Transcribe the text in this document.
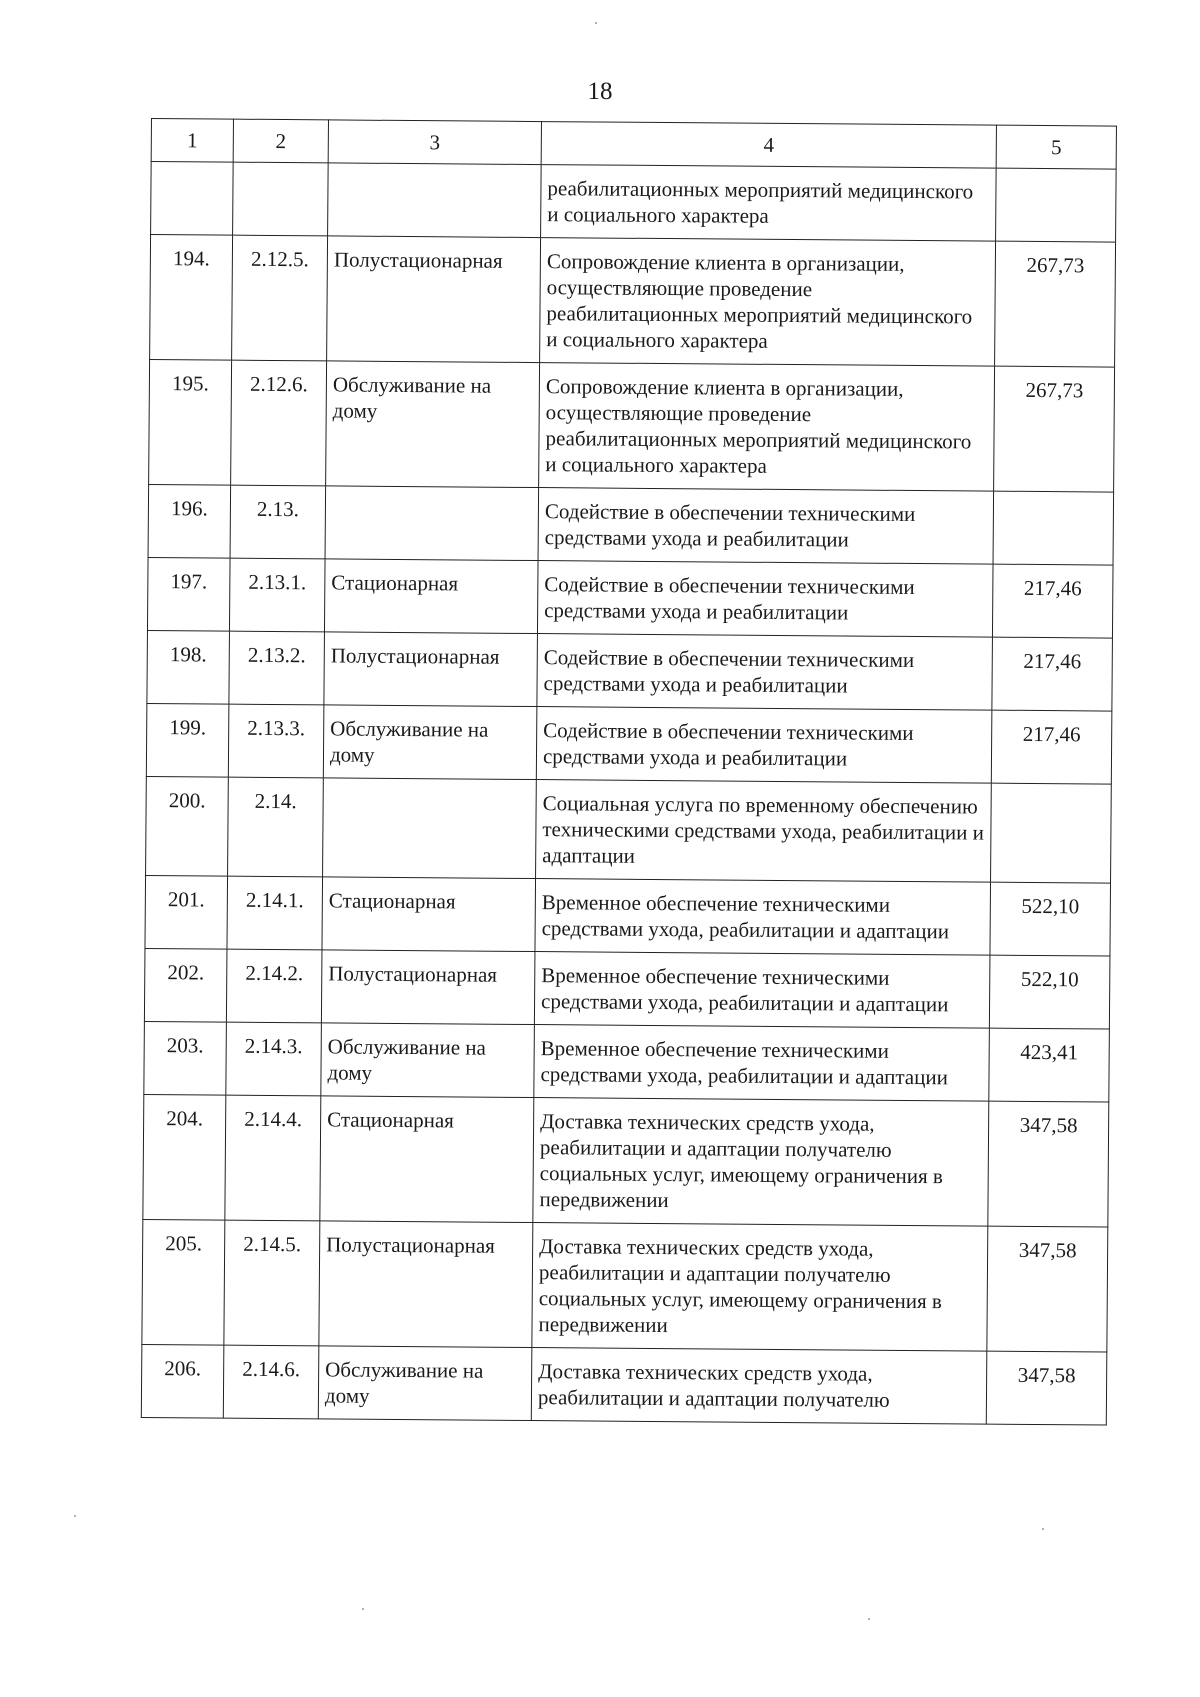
18
1	2	3	4	5
			реабилитационных мероприятий медицинского и социального характера	
194.	2.12.5.	Полустационарная	Сопровождение клиента в организации, осуществляющие проведение реабилитационных мероприятий медицинского и социального характера	267,73
195.	2.12.6.	Обслуживание на дому	Сопровождение клиента в организации, осуществляющие проведение реабилитационных мероприятий медицинского и социального характера	267,73
196.	2.13.		Содействие в обеспечении техническими средствами ухода и реабилитации	
197.	2.13.1.	Стационарная	Содействие в обеспечении техническими средствами ухода и реабилитации	217,46
198.	2.13.2.	Полустационарная	Содействие в обеспечении техническими средствами ухода и реабилитации	217,46
199.	2.13.3.	Обслуживание на дому	Содействие в обеспечении техническими средствами ухода и реабилитации	217,46
200.	2.14.		Социальная услуга по временному обеспечению техническими средствами ухода, реабилитации и адаптации	
201.	2.14.1.	Стационарная	Временное обеспечение техническими средствами ухода, реабилитации и адаптации	522,10
202.	2.14.2.	Полустационарная	Временное обеспечение техническими средствами ухода, реабилитации и адаптации	522,10
203.	2.14.3.	Обслуживание на дому	Временное обеспечение техническими средствами ухода, реабилитации и адаптации	423,41
204.	2.14.4.	Стационарная	Доставка технических средств ухода, реабилитации и адаптации получателю социальных услуг, имеющему ограничения в передвижении	347,58
205.	2.14.5.	Полустационарная	Доставка технических средств ухода, реабилитации и адаптации получателю социальных услуг, имеющему ограничения в передвижении	347,58
206.	2.14.6.	Обслуживание на дому	Доставка технических средств ухода, реабилитации и адаптации получателю	347,58
